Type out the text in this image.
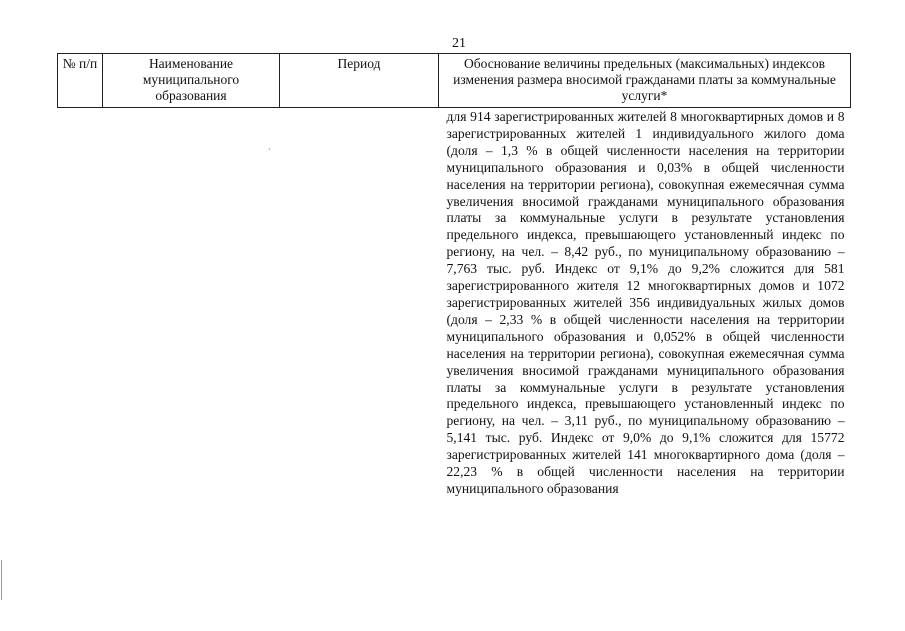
21
№ п/п	Наименование муниципального образования	Период	Обоснование величины предельных (максимальных) индексов изменения размера вносимой гражданами платы за коммунальные услуги*

			для 914 зарегистрированных жителей 8 многоквартирных домов и 8 зарегистрированных жителей 1 индивидуального жилого дома (доля – 1,3 % в общей численности населения на территории муниципального образования и 0,03% в общей численности населения на территории региона), совокупная ежемесячная сумма увеличения вносимой гражданами муниципального образования платы за коммунальные услуги в результате установления предельного индекса, превышающего установленный индекс по региону, на чел. – 8,42 руб., по муниципальному образованию – 7,763 тыс. руб. Индекс от 9,1% до 9,2% сложится для 581 зарегистрированного жителя 12 многоквартирных домов и 1072 зарегистрированных жителей 356 индивидуальных жилых домов (доля – 2,33 % в общей численности населения на территории муниципального образования и 0,052% в общей численности населения на территории региона), совокупная ежемесячная сумма увеличения вносимой гражданами муниципального образования платы за коммунальные услуги в результате установления предельного индекса, превышающего установленный индекс по региону, на чел. – 3,11 руб., по муниципальному образованию – 5,141 тыс. руб. Индекс от 9,0% до 9,1% сложится для 15772 зарегистрированных жителей 141 многоквартирного дома (доля – 22,23 % в общей численности населения на территории муниципального образования

ˏ
